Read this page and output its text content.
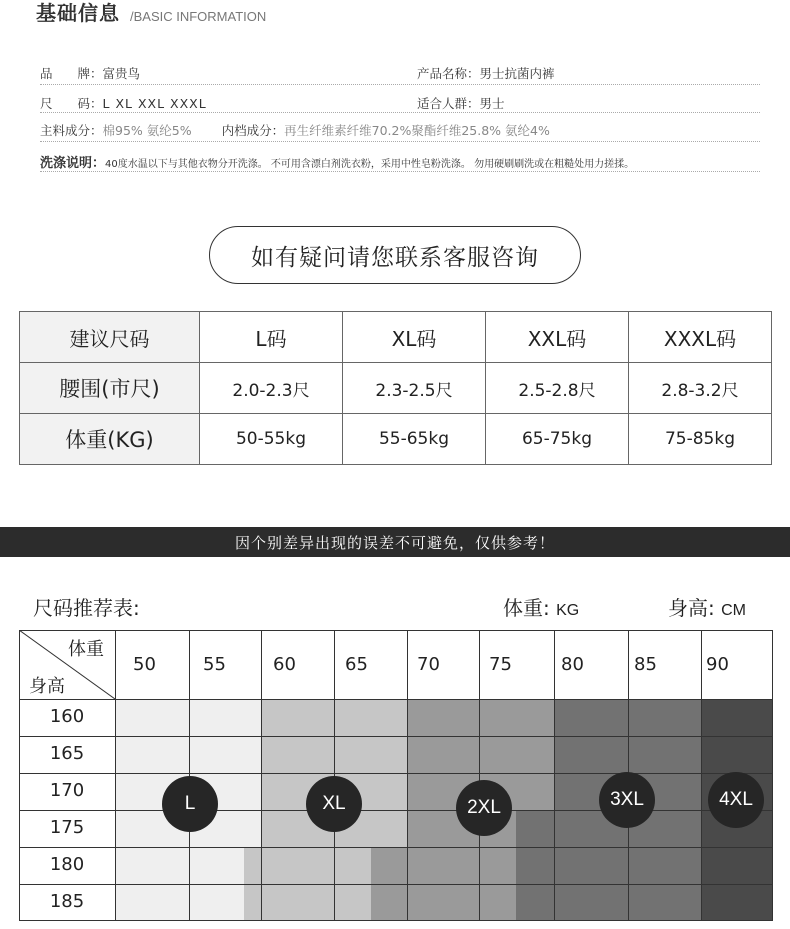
基础信息 /BASIC INFORMATION
品　　牌：富贵鸟	产品名称：男士抗菌内裤
尺　　码：L XL XXL XXXL	适合人群：男士
主料成分：棉95% 氨纶5% 内档成分：再生纤维素纤维70.2%聚酯纤维25.8% 氨纶4%
洗涤说明：40度水温以下与其他衣物分开洗涤。 不可用含漂白剂洗衣粉，采用中性皂粉洗涤。 勿用硬刷刷洗或在粗糙处用力搓揉。
如有疑问请您联系客服咨询
建议尺码	L码	XL码	XXL码	XXXL码
腰围(市尺)	2.0-2.3尺	2.3-2.5尺	2.5-2.8尺	2.8-3.2尺
体重(KG)	50-55kg	55-65kg	65-75kg	75-85kg
因个别差异出现的误差不可避免，仅供参考！
尺码推荐表:	体重: KG	身高: CM
体重
身高
50	55	60	65	70	75	80	85	90
160
165
170
175
180
185
L	XL	2XL	3XL	4XL
